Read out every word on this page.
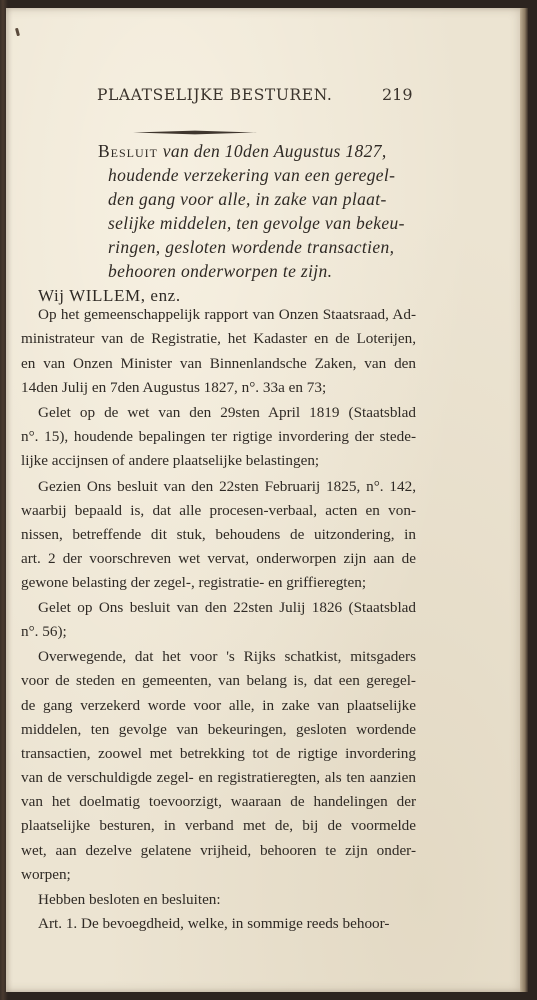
PLAATSELIJKE BESTUREN.	219
Besluit van den 10den Augustus 1827,
houdende verzekering van een geregel-
den gang voor alle, in zake van plaat-
selijke middelen, ten gevolge van bekeu-
ringen, gesloten wordende transactien,
behooren onderworpen te zijn.
Wij WILLEM, enz.
Op het gemeenschappelijk rapport van Onzen Staatsraad, Ad-
ministrateur van de Registratie, het Kadaster en de Loterijen,
en van Onzen Minister van Binnenlandsche Zaken, van den
14den Julij en 7den Augustus 1827, n°. 33a en 73;
Gelet op de wet van den 29sten April 1819 (Staatsblad
n°. 15), houdende bepalingen ter rigtige invordering der stede-
lijke accijnsen of andere plaatselijke belastingen;
Gezien Ons besluit van den 22sten Februarij 1825, n°. 142,
waarbij bepaald is, dat alle procesen-verbaal, acten en von-
nissen, betreffende dit stuk, behoudens de uitzondering, in
art. 2 der voorschreven wet vervat, onderworpen zijn aan de
gewone belasting der zegel-, registratie- en griffieregten;
Gelet op Ons besluit van den 22sten Julij 1826 (Staatsblad
n°. 56);
Overwegende, dat het voor 's Rijks schatkist, mitsgaders
voor de steden en gemeenten, van belang is, dat een geregel-
de gang verzekerd worde voor alle, in zake van plaatselijke
middelen, ten gevolge van bekeuringen, gesloten wordende
transactien, zoowel met betrekking tot de rigtige invordering
van de verschuldigde zegel- en registratieregten, als ten aanzien
van het doelmatig toevoorzigt, waaraan de handelingen der
plaatselijke besturen, in verband met de, bij de voormelde
wet, aan dezelve gelatene vrijheid, behooren te zijn onder-
worpen;
Hebben besloten en besluiten:
Art. 1. De bevoegdheid, welke, in sommige reeds behoor-
